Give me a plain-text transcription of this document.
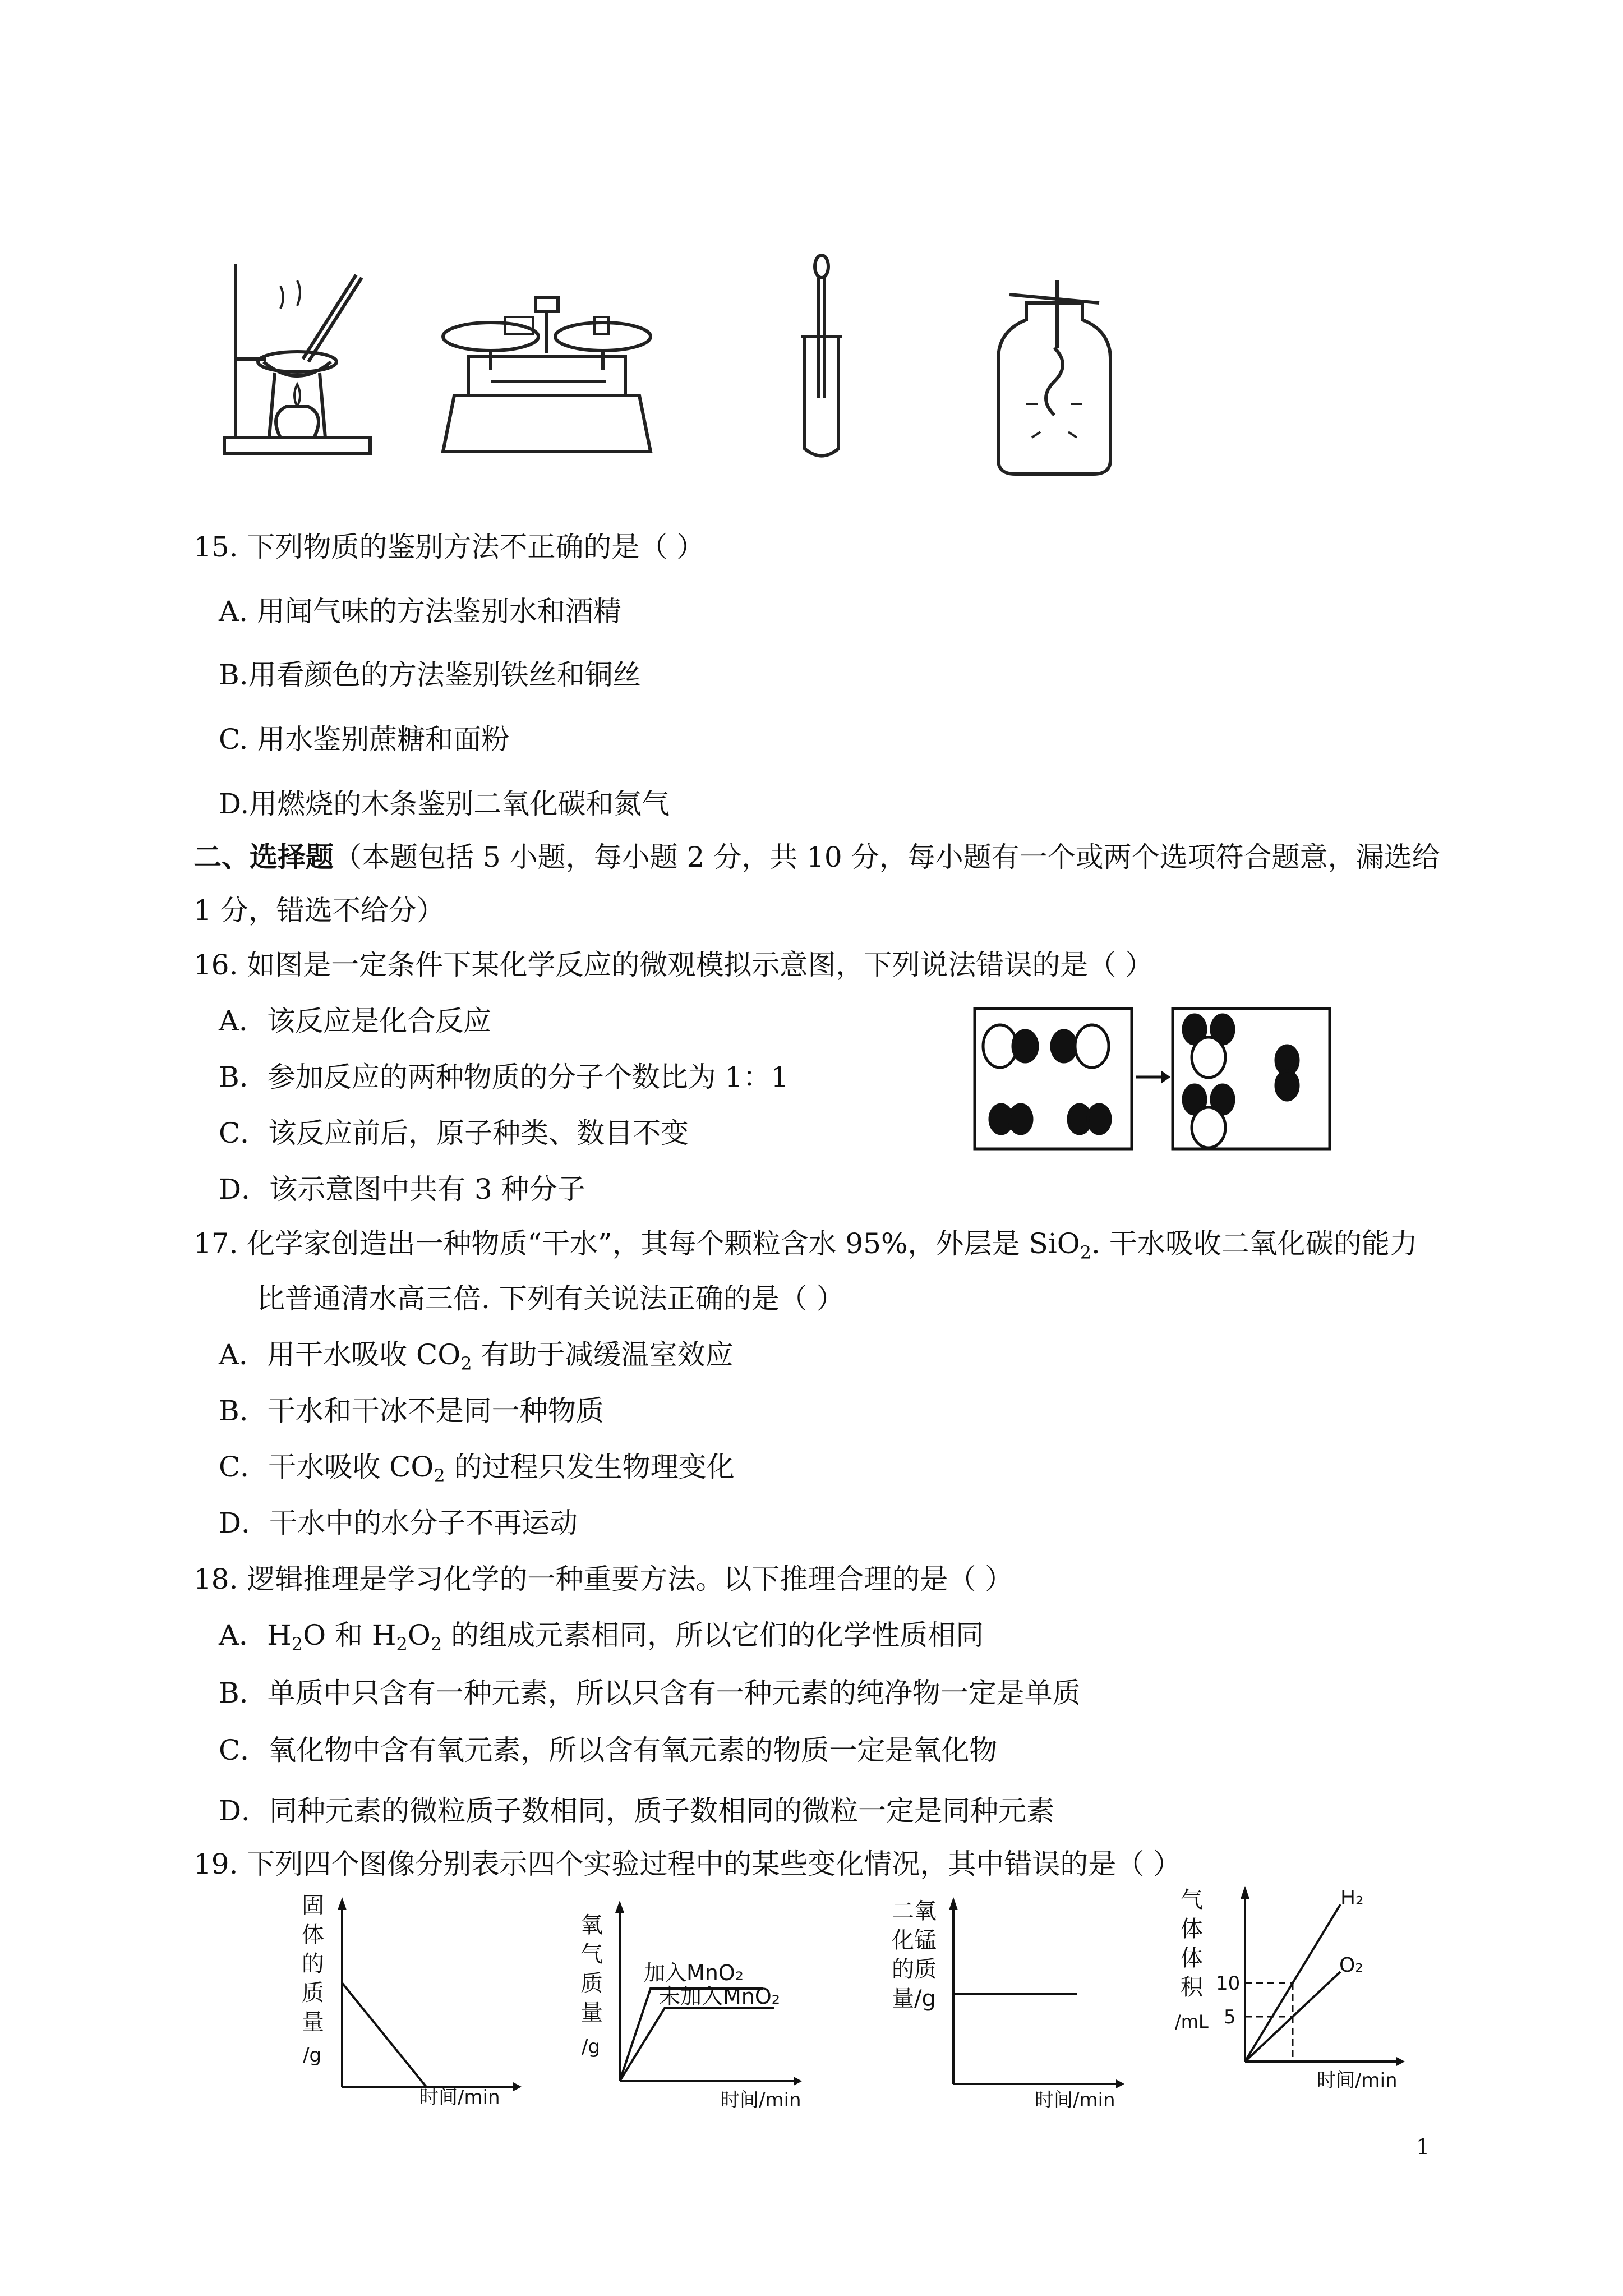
15. 下列物质的鉴别方法不正确的是（ ）
A. 用闻气味的方法鉴别水和酒精
B.用看颜色的方法鉴别铁丝和铜丝
C. 用水鉴别蔗糖和面粉
D.用燃烧的木条鉴别二氧化碳和氮气
二、选择题（本题包括 5 小题，每小题 2 分，共 10 分，每小题有一个或两个选项符合题意，漏选给
1 分，错选不给分）
16. 如图是一定条件下某化学反应的微观模拟示意图，下列说法错误的是（ ）
A．该反应是化合反应
B．参加反应的两种物质的分子个数比为 1：1
C．该反应前后，原子种类、数目不变
D．该示意图中共有 3 种分子
17. 化学家创造出一种物质“干水”，其每个颗粒含水 95%，外层是 SiO$_2$. 干水吸收二氧化碳的能力
比普通清水高三倍. 下列有关说法正确的是（ ）
A．用干水吸收 $CO_2$ 有助于减缓温室效应
B．干水和干冰不是同一种物质
C．干水吸收 $CO_2$ 的过程只发生物理变化
D．干水中的水分子不再运动
18. 逻辑推理是学习化学的一种重要方法。以下推理合理的是（ ）
A．$H_2O$ 和 $H_2O_2$ 的组成元素相同，所以它们的化学性质相同
B．单质中只含有一种元素，所以只含有一种元素的纯净物一定是单质
C．氧化物中含有氧元素，所以含有氧元素的物质一定是氧化物
D．同种元素的微粒质子数相同，质子数相同的微粒一定是同种元素
19. 下列四个图像分别表示四个实验过程中的某些变化情况，其中错误的是（ ）
固
体
的
质
量
/g
时间/min
氧
气
质
量
/g
时间/min
加入MnO₂
未加入MnO₂
二氧
化锰
的质
量/g
时间/min
气
体
体
积
/mL
时间/min
10
5
H₂
O₂
1
